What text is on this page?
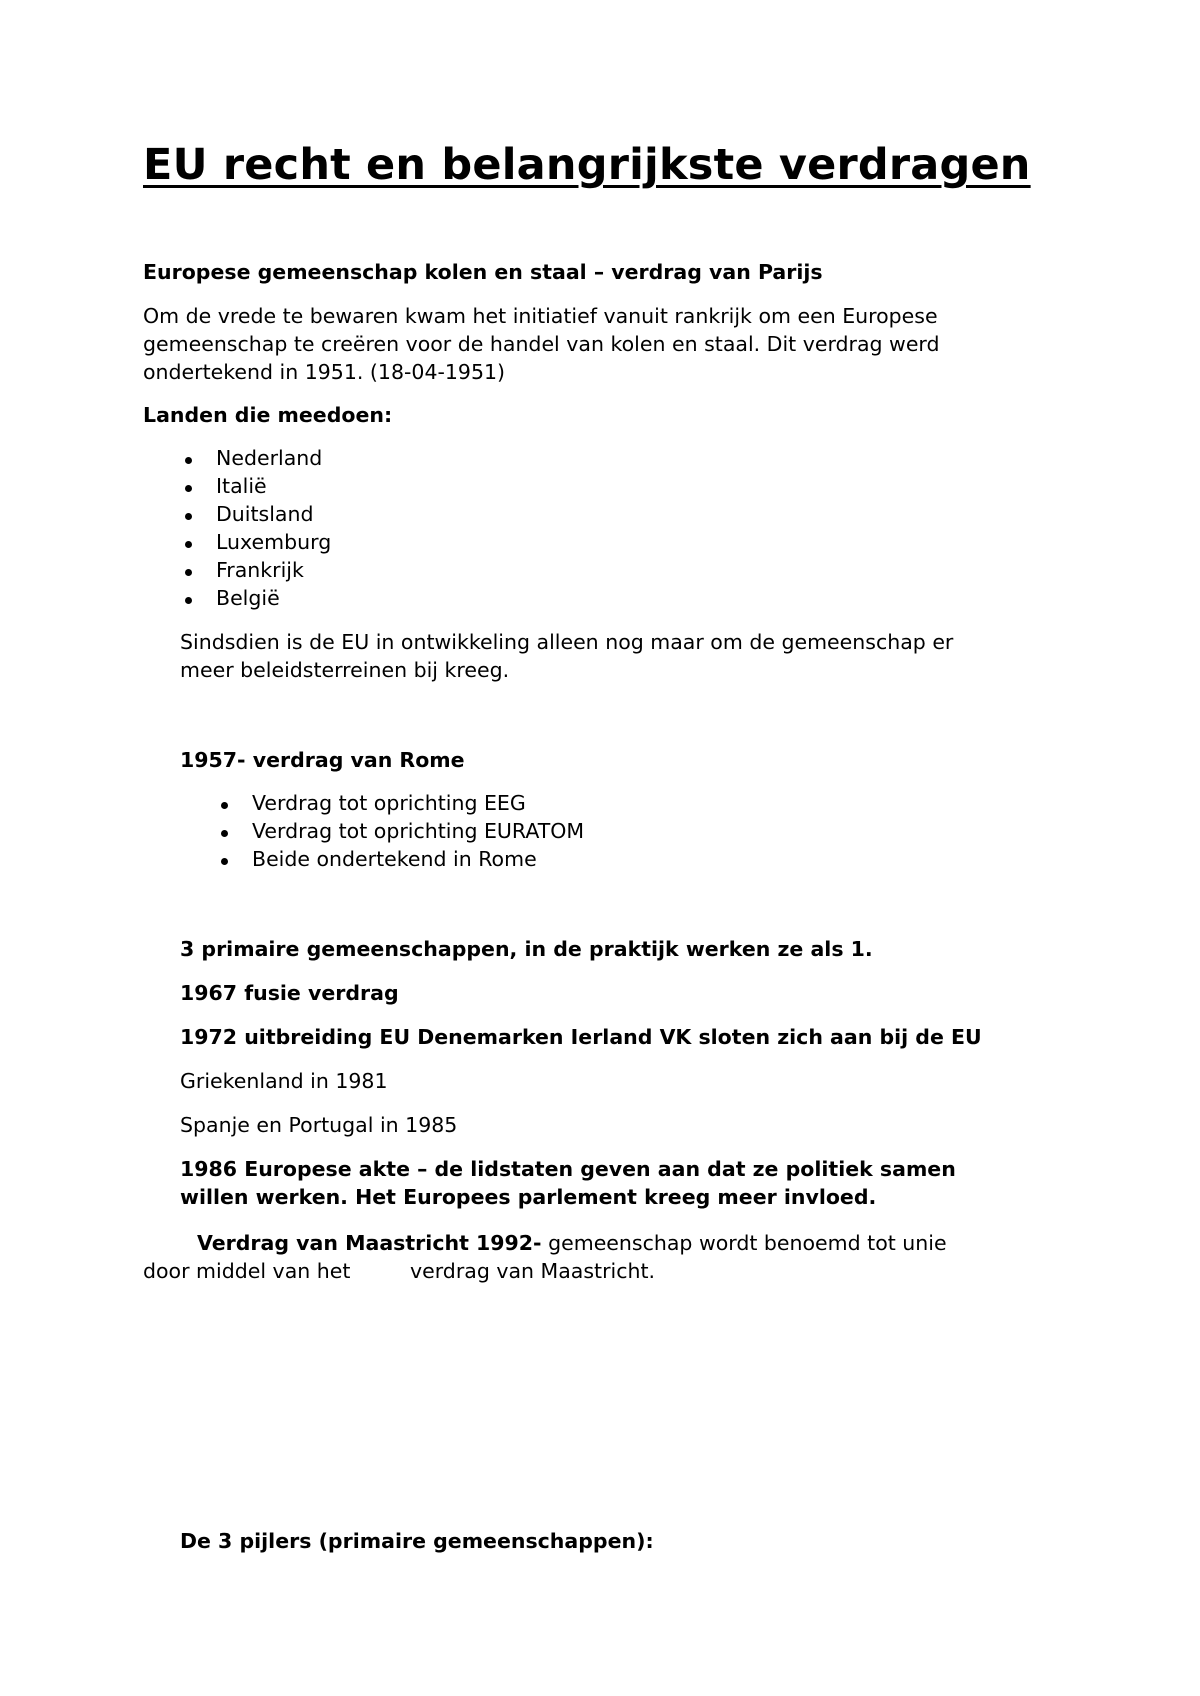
EU recht en belangrijkste verdragen
Europese gemeenschap kolen en staal – verdrag van Parijs
Om de vrede te bewaren kwam het initiatief vanuit rankrijk om een Europese
gemeenschap te creëren voor de handel van kolen en staal. Dit verdrag werd
ondertekend in 1951. (18-04-1951)
Landen die meedoen:
Nederland
Italië
Duitsland
Luxemburg
Frankrijk
België
Sindsdien is de EU in ontwikkeling alleen nog maar om de gemeenschap er
meer beleidsterreinen bij kreeg.
1957- verdrag van Rome
Verdrag tot oprichting EEG
Verdrag tot oprichting EURATOM
Beide ondertekend in Rome
3 primaire gemeenschappen, in de praktijk werken ze als 1.
1967 fusie verdrag
1972 uitbreiding EU Denemarken Ierland VK sloten zich aan bij de EU
Griekenland in 1981
Spanje en Portugal in 1985
1986 Europese akte – de lidstaten geven aan dat ze politiek samen
willen werken. Het Europees parlement kreeg meer invloed.
Verdrag van Maastricht 1992- gemeenschap wordt benoemd tot unie
door middel van het	verdrag van Maastricht.
De 3 pijlers (primaire gemeenschappen):
